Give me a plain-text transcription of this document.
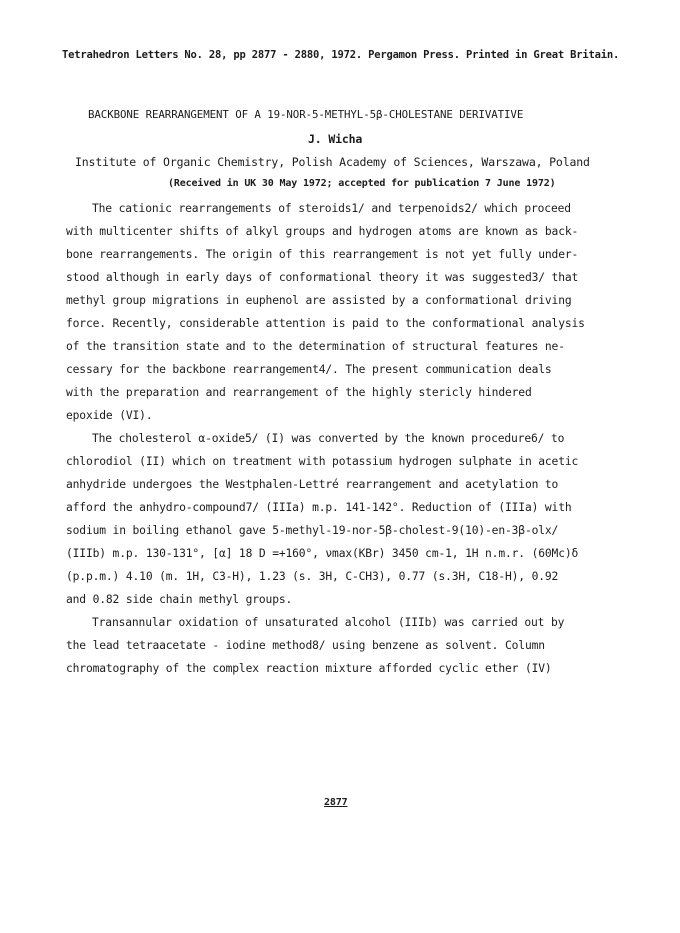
Tetrahedron Letters No. 28, pp 2877 - 2880, 1972. Pergamon Press. Printed in Great Britain.
BACKBONE REARRANGEMENT OF A 19-NOR-5-METHYL-5β-CHOLESTANE DERIVATIVE
J. Wicha
Institute of Organic Chemistry, Polish Academy of Sciences, Warszawa, Poland
(Received in UK 30 May 1972; accepted for publication 7 June 1972)
The cationic rearrangements of steroids1/ and terpenoids2/ which proceed
with multicenter shifts of alkyl groups and hydrogen atoms are known as back-
bone rearrangements. The origin of this rearrangement is not yet fully under-
stood although in early days of conformational theory it was suggested3/ that
methyl group migrations in euphenol are assisted by a conformational driving
force. Recently, considerable attention is paid to the conformational analysis
of the transition state and to the determination of structural features ne-
cessary for the backbone rearrangement4/. The present communication deals
with the preparation and rearrangement of the highly stericly hindered
epoxide (VI).
The cholesterol α-oxide5/ (I) was converted by the known procedure6/ to
chlorodiol (II) which on treatment with potassium hydrogen sulphate in acetic
anhydride undergoes the Westphalen-Lettré rearrangement and acetylation to
afford the anhydro-compound7/ (IIIa) m.p. 141-142°. Reduction of (IIIa) with
sodium in boiling ethanol gave 5-methyl-19-nor-5β-cholest-9(10)-en-3β-olx/
(IIIb) m.p. 130-131°, [α] 18 D =+160°, νmax(KBr) 3450 cm-1, 1H n.m.r. (60Mc)δ
(p.p.m.) 4.10 (m. 1H, C3-H), 1.23 (s. 3H, C-CH3), 0.77 (s.3H, C18-H), 0.92
and 0.82 side chain methyl groups.
Transannular oxidation of unsaturated alcohol (IIIb) was carried out by
the lead tetraacetate - iodine method8/ using benzene as solvent. Column
chromatography of the complex reaction mixture afforded cyclic ether (IV)
2877
